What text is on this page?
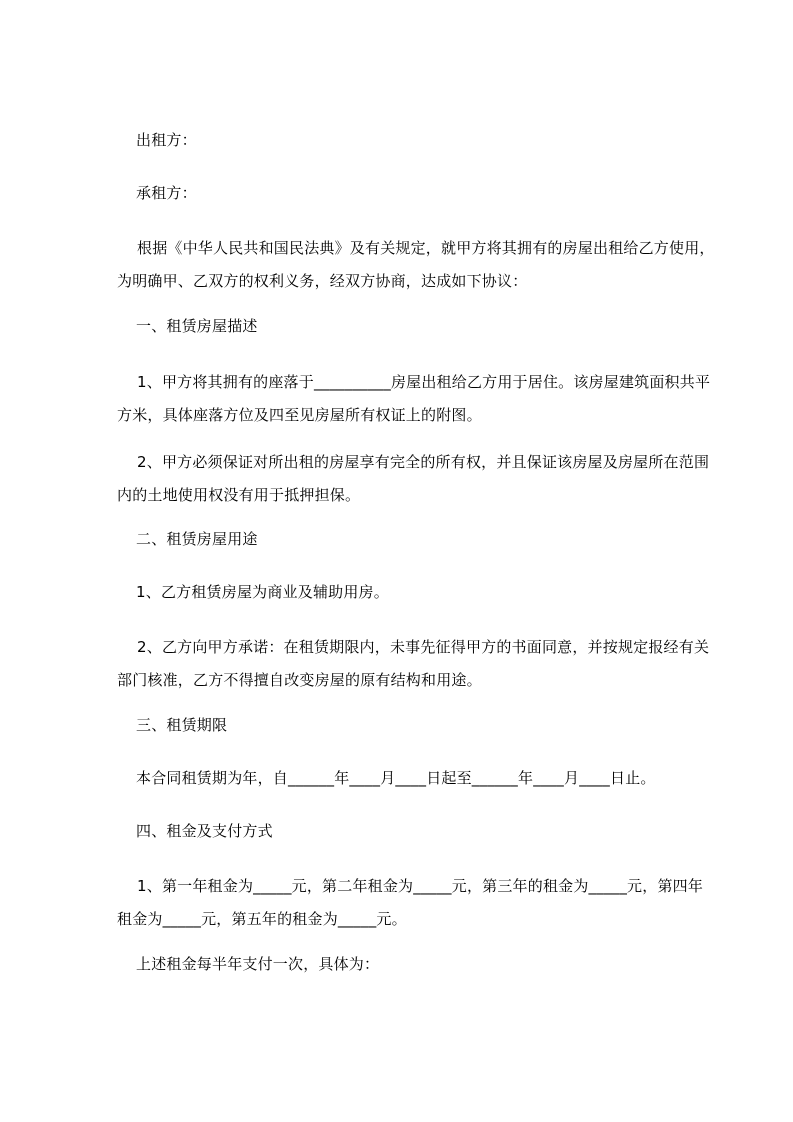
出租方：
承租方：
根据《中华人民共和国民法典》及有关规定，就甲方将其拥有的房屋出租给乙方使用，为明确甲、乙双方的权利义务，经双方协商，达成如下协议：
一、租赁房屋描述
1、甲方将其拥有的座落于__________房屋出租给乙方用于居住。该房屋建筑面积共平方米，具体座落方位及四至见房屋所有权证上的附图。
2、甲方必须保证对所出租的房屋享有完全的所有权，并且保证该房屋及房屋所在范围内的土地使用权没有用于抵押担保。
二、租赁房屋用途
1、乙方租赁房屋为商业及辅助用房。
2、乙方向甲方承诺：在租赁期限内，未事先征得甲方的书面同意，并按规定报经有关部门核准，乙方不得擅自改变房屋的原有结构和用途。
三、租赁期限
本合同租赁期为年，自______年____月____日起至______年____月____日止。
四、租金及支付方式
1、第一年租金为_____元，第二年租金为_____元，第三年的租金为_____元，第四年租金为_____元，第五年的租金为_____元。
上述租金每半年支付一次，具体为：
